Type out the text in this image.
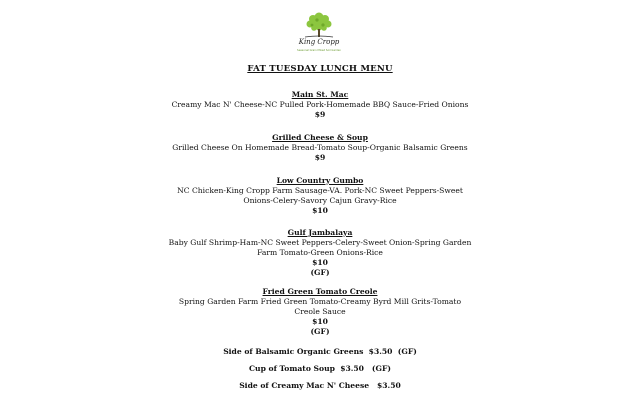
King Cropp
Seasonal Grain Mixed Soil Garden
FAT TUESDAY LUNCH MENU
Main St. Mac
Creamy Mac N' Cheese-NC Pulled Pork-Homemade BBQ Sauce-Fried Onions
$9
Grilled Cheese & Soup
Grilled Cheese On Homemade Bread-Tomato Soup-Organic Balsamic Greens
$9
Low Country Gumbo
NC Chicken-King Cropp Farm Sausage-VA. Pork-NC Sweet Peppers-Sweet
Onions-Celery-Savory Cajun Gravy-Rice
$10
Gulf Jambalaya
Baby Gulf Shrimp-Ham-NC Sweet Peppers-Celery-Sweet Onion-Spring Garden
Farm Tomato-Green Onions-Rice
$10
(GF)
Fried Green Tomato Creole
Spring Garden Farm Fried Green Tomato-Creamy Byrd Mill Grits-Tomato
Creole Sauce
$10
(GF)
Side of Balsamic Organic Greens  $3.50  (GF)
Cup of Tomato Soup  $3.50   (GF)
Side of Creamy Mac N' Cheese   $3.50
